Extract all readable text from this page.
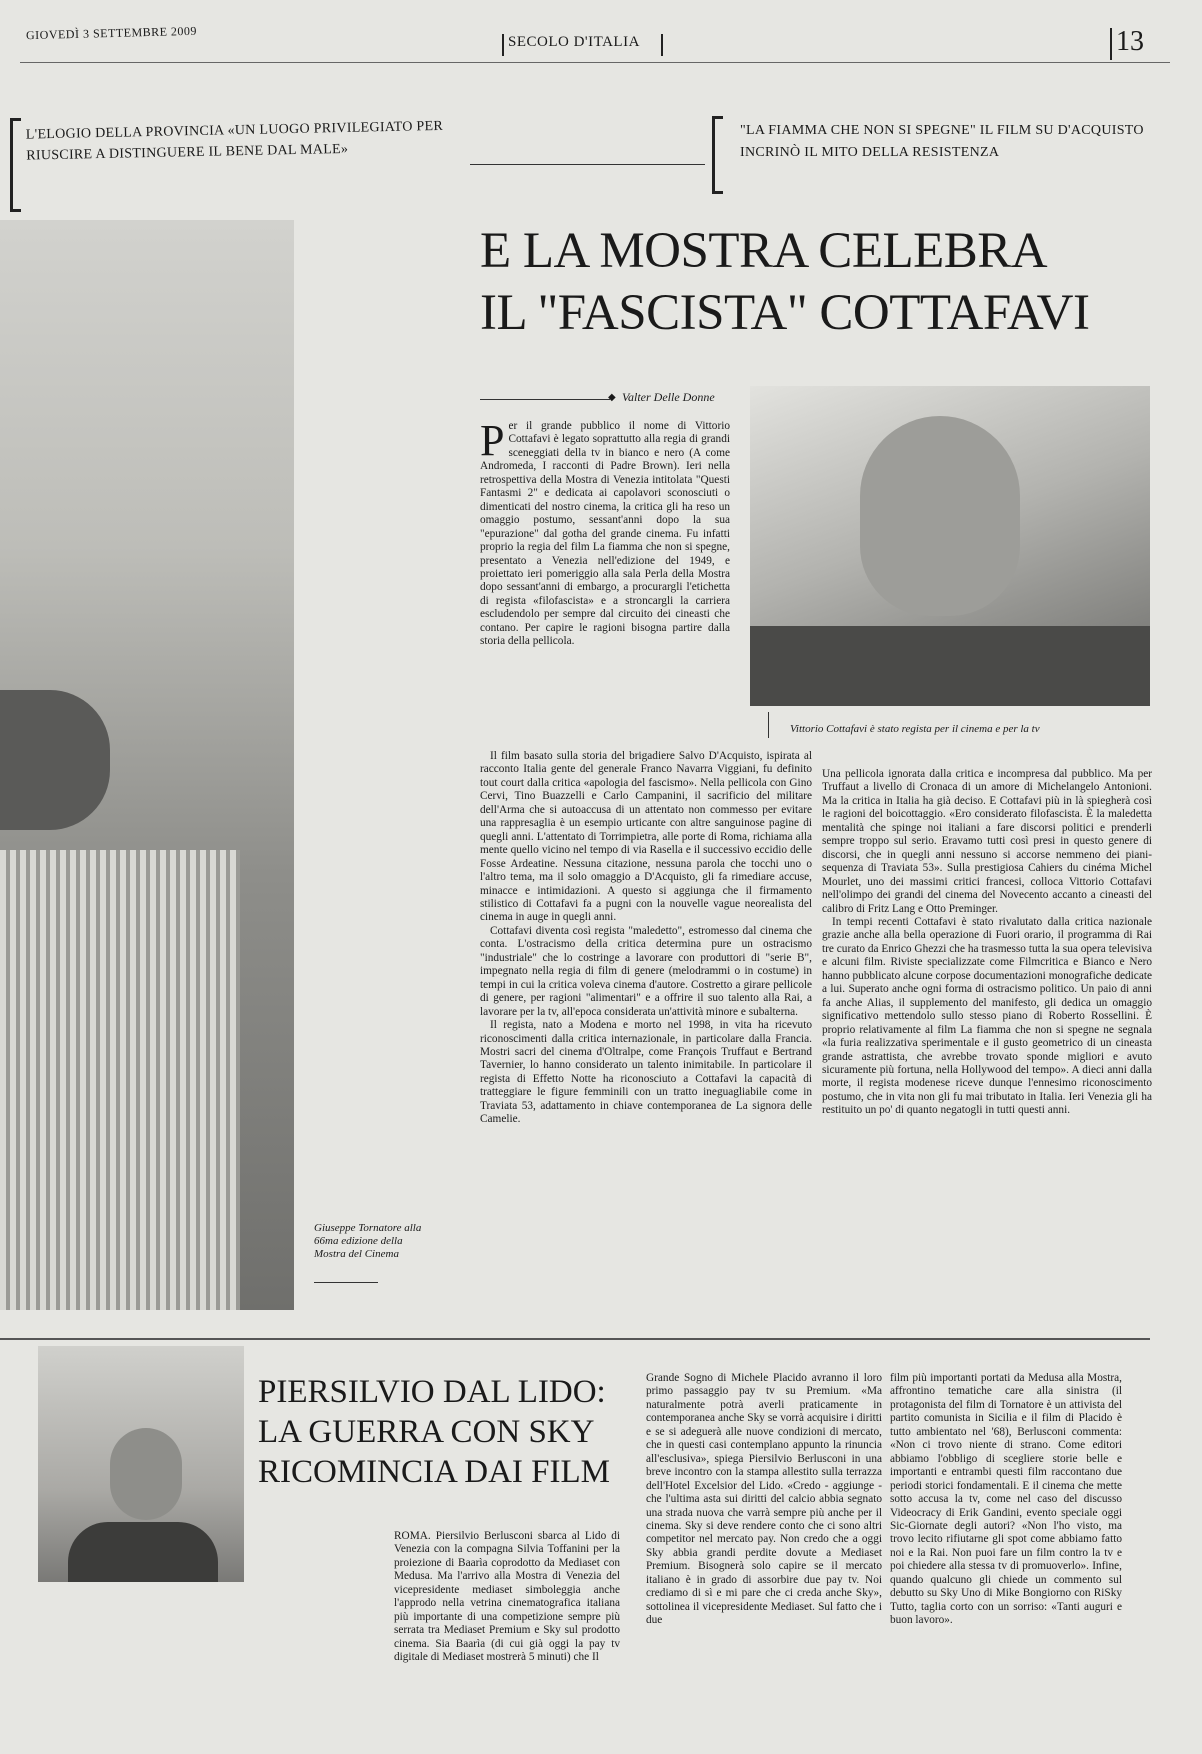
GIOVEDÌ 3 SETTEMBRE 2009	SECOLO D'ITALIA	13
L'ELOGIO DELLA PROVINCIA «UN LUOGO PRIVILEGIATO PER RIUSCIRE A DISTINGUERE IL BENE DAL MALE»
"LA FIAMMA CHE NON SI SPEGNE" IL FILM SU D'ACQUISTO INCRINÒ IL MITO DELLA RESISTENZA
Giuseppe Tornatore alla 66ma edizione della Mostra del Cinema
E LA MOSTRA CELEBRA
IL "FASCISTA" COTTAFAVI
◆ Valter Delle Donne
Vittorio Cottafavi è stato regista per il cinema e per la tv
P er il grande pubblico il nome di Vittorio Cottafavi è legato soprattutto alla regia di grandi sceneggiati della tv in bianco e nero (A come Andromeda, I racconti di Padre Brown). Ieri nella retrospettiva della Mostra di Venezia intitolata "Questi Fantasmi 2" e dedicata ai capolavori sconosciuti o dimenticati del nostro cinema, la critica gli ha reso un omaggio postumo, sessant'anni dopo la sua "epurazione" dal gotha del grande cinema. Fu infatti proprio la regia del film La fiamma che non si spegne, presentato a Venezia nell'edizione del 1949, e proiettato ieri pomeriggio alla sala Perla della Mostra dopo sessant'anni di embargo, a procurargli l'etichetta di regista «filofascista» e a stroncargli la carriera escludendolo per sempre dal circuito dei cineasti che contano. Per capire le ragioni bisogna partire dalla storia della pellicola.

Il film basato sulla storia del brigadiere Salvo D'Acquisto, ispirata al racconto Italia gente del generale Franco Navarra Viggiani, fu definito tout court dalla critica «apologia del fascismo». Nella pellicola con Gino Cervi, Tino Buazzelli e Carlo Campanini, il sacrificio del militare dell'Arma che si autoaccusa di un attentato non commesso per evitare una rappresaglia è un esempio urticante con altre sanguinose pagine di quegli anni. L'attentato di Torrimpietra, alle porte di Roma, richiama alla mente quello vicino nel tempo di via Rasella e il successivo eccidio delle Fosse Ardeatine. Nessuna citazione, nessuna parola che tocchi uno o l'altro tema, ma il solo omaggio a D'Acquisto, gli fa rimediare accuse, minacce e intimidazioni. A questo si aggiunga che il firmamento stilistico di Cottafavi fa a pugni con la nouvelle vague neorealista del cinema in auge in quegli anni.

Cottafavi diventa così regista "maledetto", estromesso dal cinema che conta. L'ostracismo della critica determina pure un ostracismo "industriale" che lo costringe a lavorare con produttori di "serie B", impegnato nella regia di film di genere (melodrammi o in costume) in tempi in cui la critica voleva cinema d'autore. Costretto a girare pellicole di genere, per ragioni "alimentari" e a offrire il suo talento alla Rai, a lavorare per la tv, all'epoca considerata un'attività minore e subalterna.

Il regista, nato a Modena e morto nel 1998, in vita ha ricevuto riconoscimenti dalla critica internazionale, in particolare dalla Francia. Mostri sacri del cinema d'Oltralpe, come François Truffaut e Bertrand Tavernier, lo hanno considerato un talento inimitabile. In particolare il regista di Effetto Notte ha riconosciuto a Cottafavi la capacità di tratteggiare le figure femminili con un tratto ineguagliabile come in Traviata 53, adattamento in chiave contemporanea de La signora delle Camelie.

Una pellicola ignorata dalla critica e incompresa dal pubblico. Ma per Truffaut a livello di Cronaca di un amore di Michelangelo Antonioni. Ma la critica in Italia ha già deciso. E Cottafavi più in là spiegherà così le ragioni del boicottaggio. «Ero considerato filofascista. È la maledetta mentalità che spinge noi italiani a fare discorsi politici e prenderli sempre troppo sul serio. Eravamo tutti così presi in questo genere di discorsi, che in quegli anni nessuno si accorse nemmeno dei piani-sequenza di Traviata 53». Sulla prestigiosa Cahiers du cinéma Michel Mourlet, uno dei massimi critici francesi, colloca Vittorio Cottafavi nell'olimpo dei grandi del cinema del Novecento accanto a cineasti del calibro di Fritz Lang e Otto Preminger.

In tempi recenti Cottafavi è stato rivalutato dalla critica nazionale grazie anche alla bella operazione di Fuori orario, il programma di Rai tre curato da Enrico Ghezzi che ha trasmesso tutta la sua opera televisiva e alcuni film. Riviste specializzate come Filmcritica e Bianco e Nero hanno pubblicato alcune corpose documentazioni monografiche dedicate a lui. Superato anche ogni forma di ostracismo politico. Un paio di anni fa anche Alias, il supplemento del manifesto, gli dedica un omaggio significativo mettendolo sullo stesso piano di Roberto Rossellini. È proprio relativamente al film La fiamma che non si spegne ne segnala «la furia realizzativa sperimentale e il gusto geometrico di un cineasta grande astrattista, che avrebbe trovato sponde migliori e avuto sicuramente più fortuna, nella Hollywood del tempo». A dieci anni dalla morte, il regista modenese riceve dunque l'ennesimo riconoscimento postumo, che in vita non gli fu mai tributato in Italia. Ieri Venezia gli ha restituito un po' di quanto negatogli in tutti questi anni.

PIERSILVIO DAL LIDO:
LA GUERRA CON SKY
RICOMINCIA DAI FILM

ROMA. Piersilvio Berlusconi sbarca al Lido di Venezia con la compagna Silvia Toffanini per la proiezione di Baarìa coprodotto da Mediaset con Medusa. Ma l'arrivo alla Mostra di Venezia del vicepresidente mediaset simboleggia anche l'approdo nella vetrina cinematografica italiana più importante di una competizione sempre più serrata tra Mediaset Premium e Sky sul prodotto cinema. Sia Baarìa (di cui già oggi la pay tv digitale di Mediaset mostrerà 5 minuti) che Il

Grande Sogno di Michele Placido avranno il loro primo passaggio pay tv su Premium. «Ma naturalmente potrà averli praticamente in contemporanea anche Sky se vorrà acquisire i diritti e se si adeguerà alle nuove condizioni di mercato, che in questi casi contemplano appunto la rinuncia all'esclusiva», spiega Piersilvio Berlusconi in una breve incontro con la stampa allestito sulla terrazza dell'Hotel Excelsior del Lido. «Credo - aggiunge - che l'ultima asta sui diritti del calcio abbia segnato una strada nuova che varrà sempre più anche per il cinema. Sky si deve rendere conto che ci sono altri competitor nel mercato pay. Non credo che a oggi Sky abbia grandi perdite dovute a Mediaset Premium. Bisognerà solo capire se il mercato italiano è in grado di assorbire due pay tv. Noi crediamo di sì e mi pare che ci creda anche Sky», sottolinea il vicepresidente Mediaset. Sul fatto che i due

film più importanti portati da Medusa alla Mostra, affrontino tematiche care alla sinistra (il protagonista del film di Tornatore è un attivista del partito comunista in Sicilia e il film di Placido è tutto ambientato nel '68), Berlusconi commenta: «Non ci trovo niente di strano. Come editori abbiamo l'obbligo di scegliere storie belle e importanti e entrambi questi film raccontano due periodi storici fondamentali. E il cinema che mette sotto accusa la tv, come nel caso del discusso Videocracy di Erik Gandini, evento speciale oggi Sic-Giornate degli autori? «Non l'ho visto, ma trovo lecito rifiutarne gli spot come abbiamo fatto noi e la Rai. Non puoi fare un film contro la tv e poi chiedere alla stessa tv di promuoverlo». Infine, quando qualcuno gli chiede un commento sul debutto su Sky Uno di Mike Bongiorno con RiSky Tutto, taglia corto con un sorriso: «Tanti auguri e buon lavoro».
